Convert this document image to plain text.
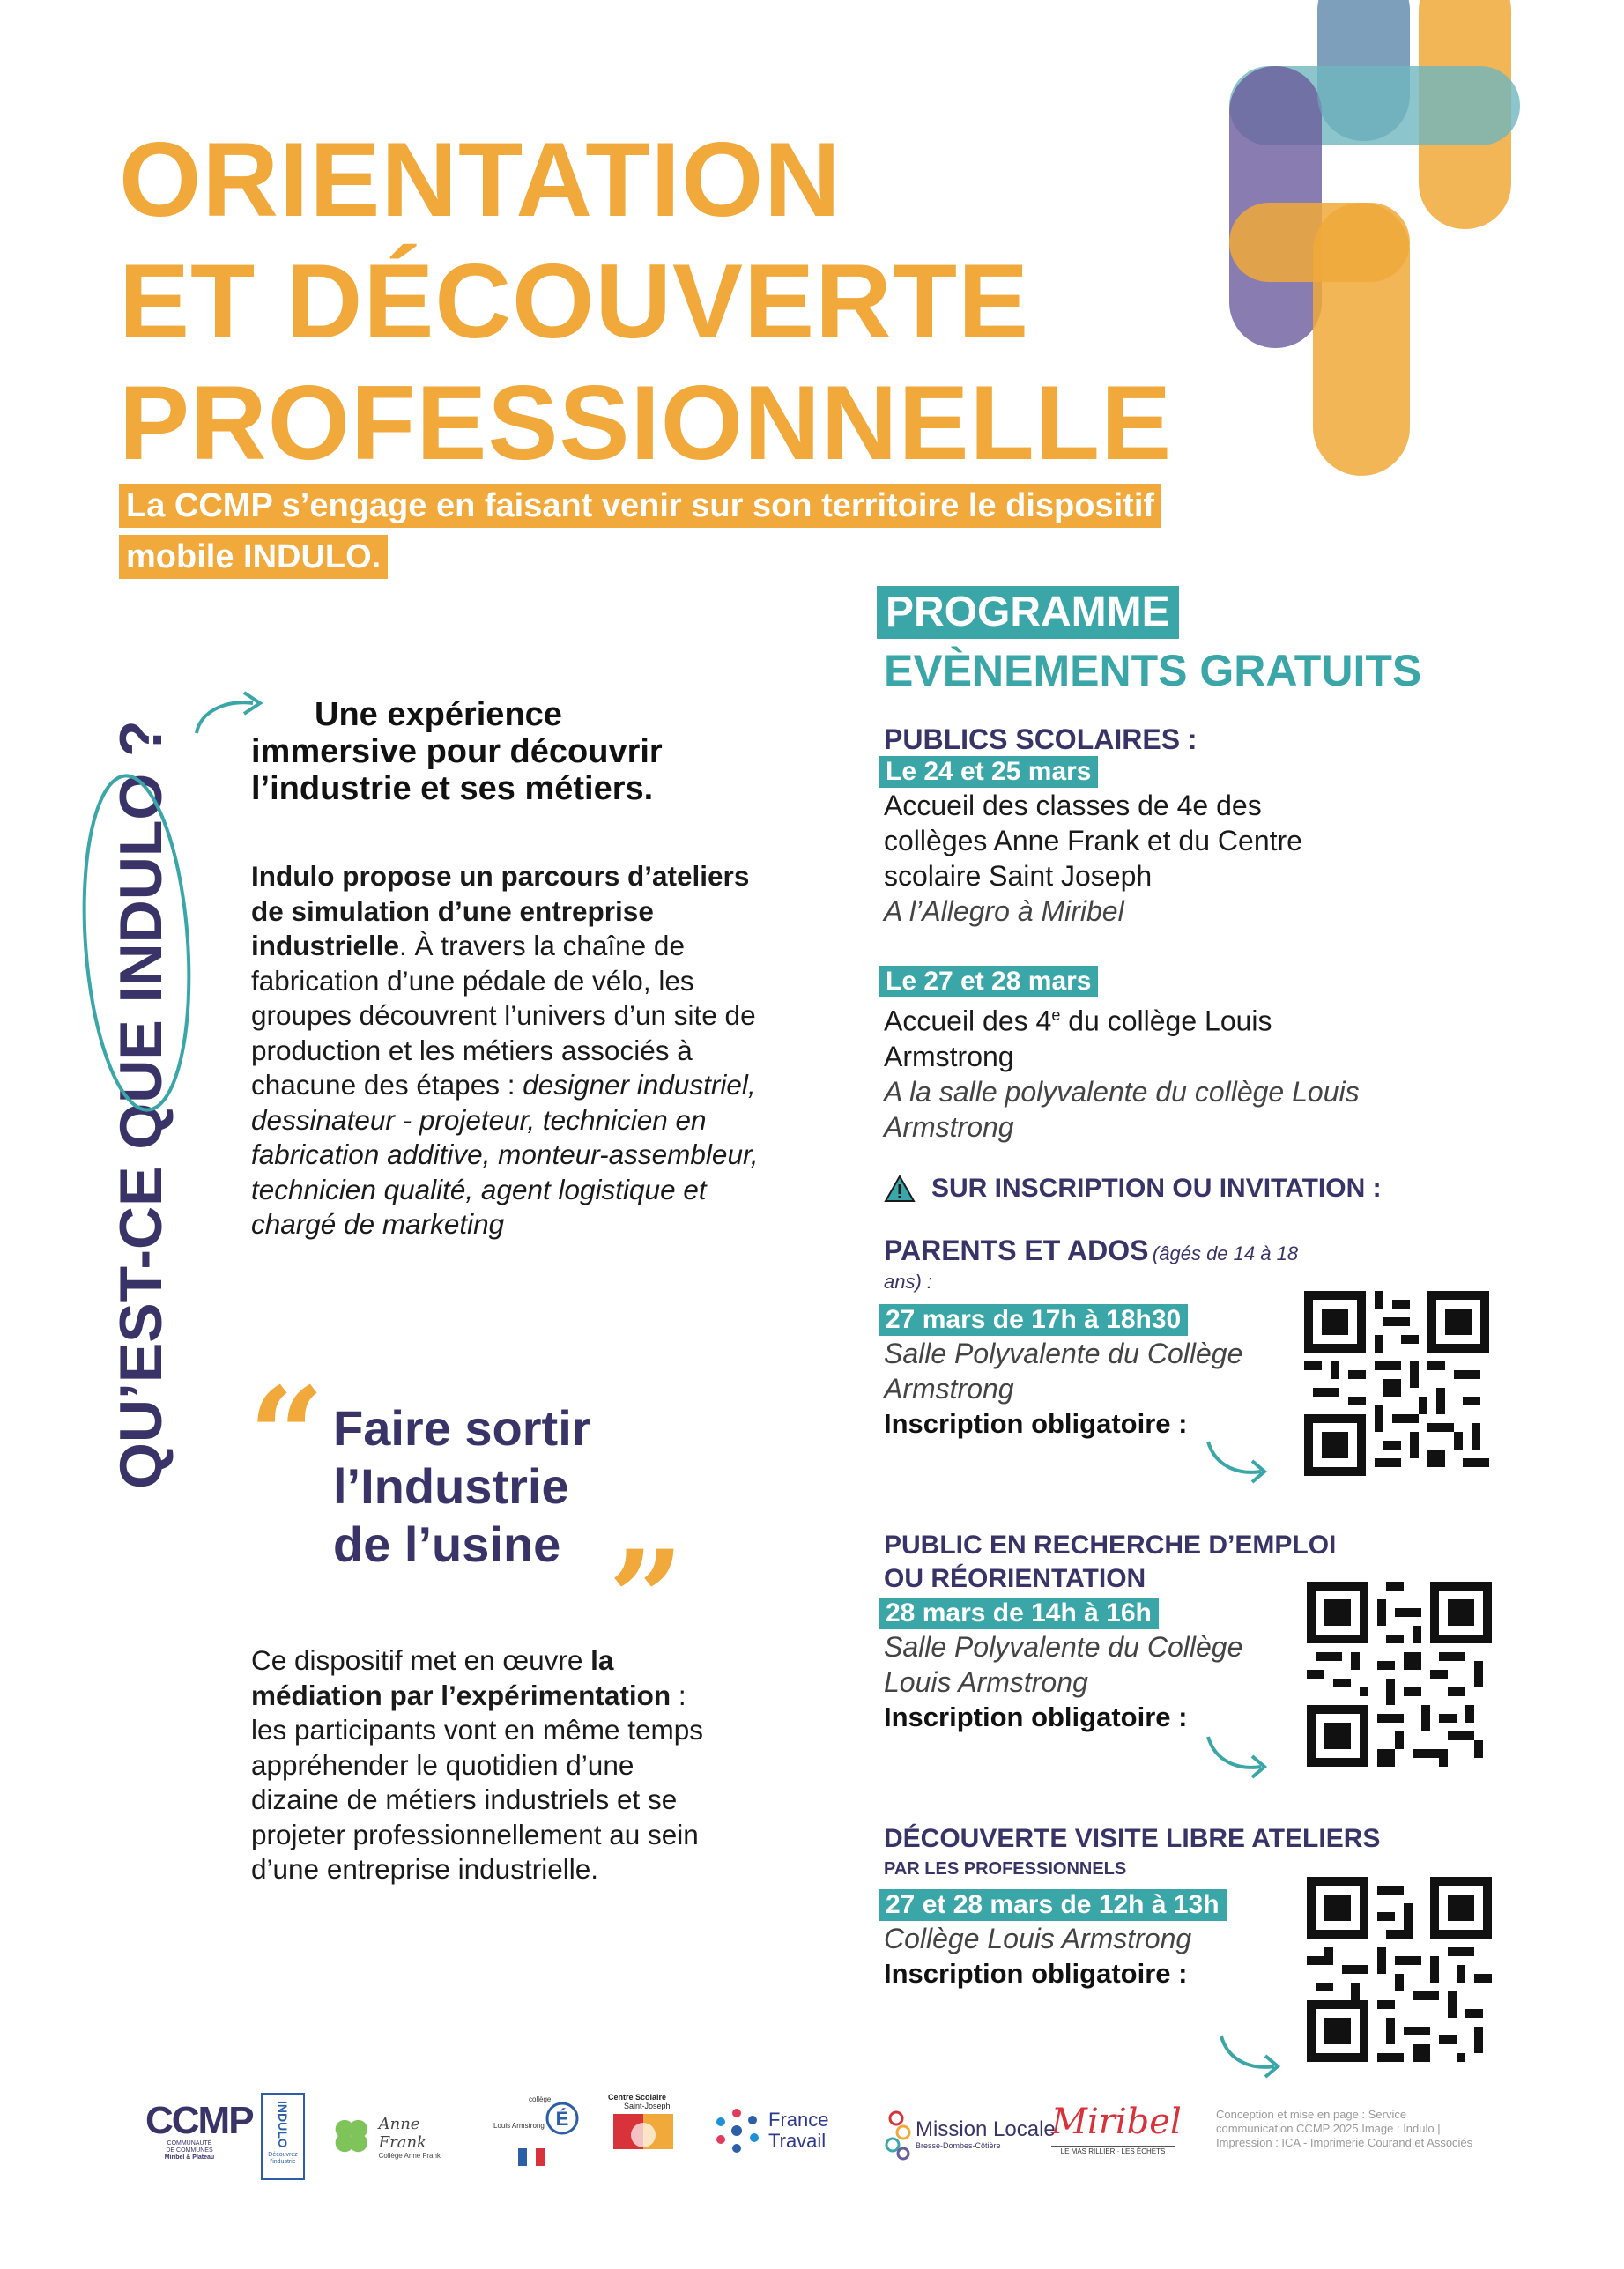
ORIENTATION
ET DÉCOUVERTE
PROFESSIONNELLE
La CCMP s’engage en faisant venir sur son territoire le dispositif mobile INDULO.
QU’EST-CE QUE INDULO ?
Une expérience
immersive pour découvrir
l’industrie et ses métiers.
Indulo propose un parcours d’ateliers de simulation d’une entreprise industrielle. À travers la chaîne de fabrication d’une pédale de vélo, les groupes découvrent l’univers d’un site de production et les métiers associés à chacune des étapes : designer industriel, dessinateur - projeteur, technicien en fabrication additive, monteur-assembleur, technicien qualité, agent logistique et chargé de marketing
“ Faire sortir
l’Industrie
de l’usine ”
Ce dispositif met en œuvre la médiation par l’expérimentation : les participants vont en même temps appréhender le quotidien d’une dizaine de métiers industriels et se projeter professionnellement au sein d’une entreprise industrielle.
PROGRAMME
EVÈNEMENTS GRATUITS
PUBLICS SCOLAIRES :
Le 24 et 25 mars
Accueil des classes de 4e des
collèges Anne Frank et du Centre
scolaire Saint Joseph
A l’Allegro à Miribel
Le 27 et 28 mars
Accueil des 4e du collège Louis
Armstrong
A la salle polyvalente du collège Louis
Armstrong
SUR INSCRIPTION OU INVITATION :
PARENTS ET ADOS (âgés de 14 à 18
ans) :
27 mars de 17h à 18h30
Salle Polyvalente du Collège
Armstrong
Inscription obligatoire :
PUBLIC EN RECHERCHE D’EMPLOI
OU RÉORIENTATION
28 mars de 14h à 16h
Salle Polyvalente du Collège
Louis Armstrong
Inscription obligatoire :
DÉCOUVERTE VISITE LIBRE ATELIERS
PAR LES PROFESSIONNELS
27 et 28 mars de 12h à 13h
Collège Louis Armstrong
Inscription obligatoire :
CCMP
COMMUNAUTÉ
DE COMMUNES
Miribel & Plateau
INDULO
Découvrez
l'industrie
Anne Frank
Collège Anne Frank
collège
Louis Armstrong É
Centre Scolaire
Saint-Joseph
France
Travail	Mission Locale
Bresse-Dombes-Côtière
Miribel
LE MAS RILLIER · LES ÉCHETS
Conception et mise en page : Service communication CCMP 2025 Image : Indulo | Impression : ICA - Imprimerie Courand et Associés
